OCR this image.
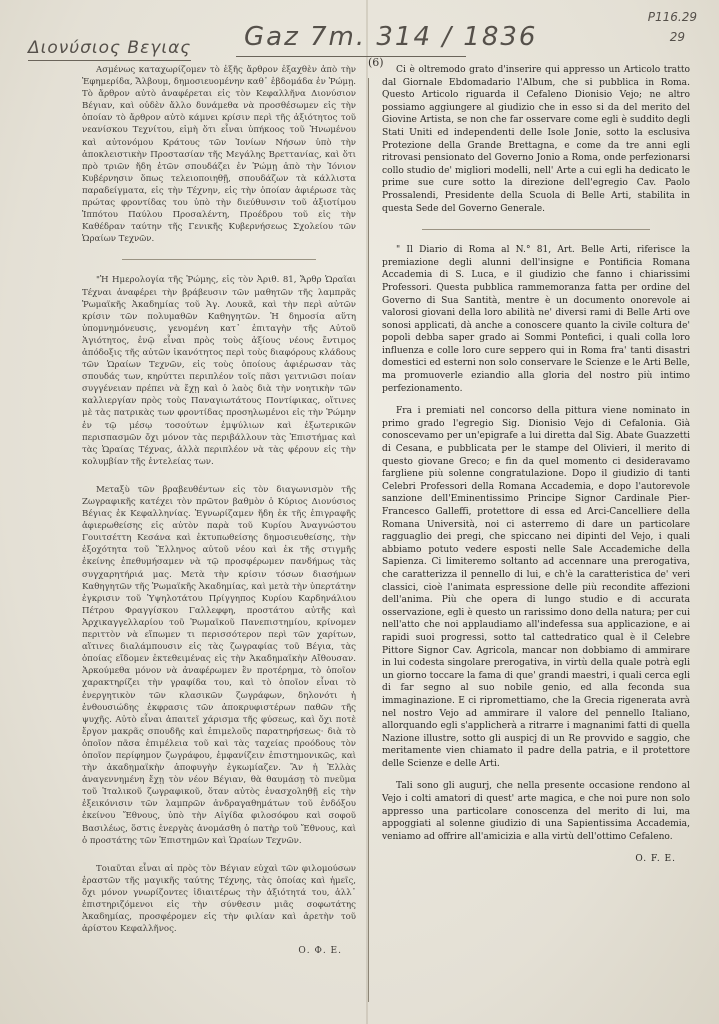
Διονύσιος Βεγιας Gaz 7m. 314 / 1836
P116.29
29
(6)

Ασμένως καταχωρίζομεν τὸ ἑξῆς ἄρθρον ἐξαχθὲν ἀπὸ τὴν Ἐφημερίδα, Ἄλβουμ, δημοσιευομένην καθ᾽ ἑβδομάδα ἐν Ῥώμῃ. Τὸ ἄρθρον αὐτὸ ἀναφέρεται εἰς τὸν Κεφαλλῆνα Διονύσιον Βέγιαν, καὶ οὐδὲν ἄλλο δυνάμεθα νὰ προσθέσωμεν εἰς τὴν ὁποίαν τὸ ἄρθρον αὐτὸ κάμνει κρίσιν περὶ τῆς ἀξιότητος τοῦ νεανίσκου Τεχνίτου, εἰμὴ ὅτι εἶναι ὑπήκοος τοῦ Ἡνωμένου καὶ αὐτονόμου Κράτους τῶν Ἰονίων Νήσων ὑπὸ τὴν ἀποκλειστικὴν Προστασίαν τῆς Μεγάλης Βρεττανίας, καὶ ὅτι πρὸ τριῶν ἤδη ἐτῶν σπουδάζει ἐν Ῥώμῃ ἀπὸ τὴν Ἰόνιον Κυβέρνησιν ὅπως τελειοποιηθῇ, σπουδάζων τὰ κάλλιστα παραδείγματα, εἰς τὴν Τέχνην, εἰς τὴν ὁποίαν ἀφιέρωσε τὰς πρώτας φροντίδας του ὑπὸ τὴν διεύθυνσιν τοῦ ἀξιοτίμου Ἱππότου Παύλου Προσαλέντη, Προέδρου τοῦ εἰς τὴν Καθέδραν ταύτην τῆς Γενικῆς Κυβερνήσεως Σχολείου τῶν Ὡραίων Τεχνῶν.

"Ἡ Ημερολογία τῆς Ῥώμης, εἰς τὸν Ἀριθ. 81, Ἄρθρ Ὡραῖαι Τέχναι ἀναφέρει τὴν βράβευσιν τῶν μαθητῶν τῆς λαμπρᾶς Ῥωμαϊκῆς Ἀκαδημίας τοῦ Ἁγ. Λουκᾶ, καὶ τὴν περὶ αὐτῶν κρίσιν τῶν πολυμαθῶν Καθηγητῶν. Ἡ δημοσία αὕτη ὑπομνημόνευσις, γενομένη κατ᾽ ἐπιταγὴν τῆς Αὐτοῦ Ἁγιότητος, ἐνῷ εἶναι πρὸς τοὺς ἀξίους νέους ἔντιμος ἀπόδοξις τῆς αὐτῶν ἱκανότητος περὶ τοὺς διαφόρους κλάδους τῶν Ὡραίων Τεχνῶν, εἰς τοὺς ὁποίους ἀφιέρωσαν τὰς σπουδάς των, κηρύττει περιπλέον τοῖς πᾶσι γειτνιῶσι ποίαν συγγένειαν πρέπει νὰ ἔχῃ καὶ ὁ λαὸς διὰ τὴν νοητικὴν τῶν καλλιεργίαν πρὸς τοὺς Παναγιωτάτους Ποντίφικας, οἵτινες μὲ τὰς πατρικὰς των φροντίδας προσηλωμένοι εἰς τὴν Ῥώμην ἐν τῷ μέσῳ τοσούτων ἐμψύλιων καὶ ἐξωτερικῶν περισπασμῶν ὄχι μόνον τὰς περιβάλλουν τὰς Ἐπιστήμας καὶ τὰς Ὡραίας Τέχνας, ἀλλὰ περιπλέον νὰ τὰς φέρουν εἰς τὴν κολυμβίαν τῆς ἐντελείας των.

Μεταξὺ τῶν βραβευθέντων εἰς τὸν διαγωνισμὸν τῆς Ζωγραφικῆς κατέχει τὸν πρῶτον βαθμὸν ὁ Κύριος Διονύσιος Βέγιας ἐκ Κεφαλληνίας. Ἐγνωρίζαμεν ἤδη ἐκ τῆς ἐπιγραφῆς ἀφιερωθείσης εἰς αὐτὸν παρὰ τοῦ Κυρίου Ἀναγνώστου Γουιτσέττη Κεσάνα καὶ ἐκτυπωθείσης δημοσιευθείσης, τὴν ἐξοχότητα τοῦ Ἕλληνος αὐτοῦ νέου καὶ ἐκ τῆς στιγμῆς ἐκείνης ἐπεθυμήσαμεν νὰ τῷ προσφέρωμεν πανδήμως τὰς συγχαρητήριά μας. Μετὰ τὴν κρίσιν τόσων διασήμων Καθηγητῶν τῆς Ῥωμαϊκῆς Ἀκαδημίας, καὶ μετὰ τὴν ὑπερτάτην ἐγκρισιν τοῦ Ὑψηλοτάτου Πρίγγηπος Κυρίου Καρδηνάλιου Πέτρου Φραγγίσκου Γαλλεφφη, προστάτου αὐτῆς καὶ Ἀρχικαγγελλαρίου τοῦ Ῥωμαϊκοῦ Πανεπιστημίου, κρίνομεν περιττὸν νὰ εἴπωμεν τι περισσότερον περὶ τῶν χαρίτων, αἵτινες διαλάμπουσιν εἰς τὰς ζωγραφίας τοῦ Βέγια, τὰς ὁποίας εἴδομεν ἐκτεθειμένας εἰς τὴν Ἀκαδημαϊκὴν Αἴθουσαν. Ἀρκούμεθα μόνον νὰ ἀναφέρωμεν ἓν προτέρημα, τὸ ὁποῖον χαρακτηρίζει τὴν γραφίδα του, καὶ τὸ ὁποῖον εἶναι τὸ ἐνεργητικὸν τῶν κλασικῶν ζωγράφων, δηλονότι ἡ ἐνθουσιώδης ἐκφρασις τῶν ἀποκρυφιστέρων παθῶν τῆς ψυχῆς. Αὐτὸ εἶναι ἀπαιτεῖ χάρισμα τῆς φύσεως, καὶ ὄχι ποτὲ ἔργον μακρᾶς σπουδῆς καὶ ἐπιμελοῦς παρατηρήσεως· διὰ τὸ ὁποῖον πᾶσα ἐπιμέλεια τοῦ καὶ τὰς ταχείας προόδους τὸν ὁποῖον περίφημον ζωγράφου, ἐμφανίζειν ἐπιστημονικῶς, καὶ τὴν ἀκαδημαϊκὴν ἀποφυγὴν ἐγκωμίαζεν. Ἂν ἡ Ἑλλὰς ἀναγεννημένη ἔχῃ τὸν νέον Βέγιαν, θὰ θαυμάσῃ τὸ πνεῦμα τοῦ Ἰταλικοῦ ζωγραφικοῦ, ὅταν αὐτὸς ἐνασχοληθῇ εἰς τὴν ἐξεικόνισιν τῶν λαμπρῶν ἀνδραγαθημάτων τοῦ ἐνδόξου ἐκείνου Ἔθνους, ὑπὸ τὴν Αἰγίδα φιλοσόφου καὶ σοφοῦ Βασιλέως, ὅστις ἐνεργὰς ἀνομάσθη ὁ πατὴρ τοῦ Ἔθνους, καὶ ὁ προστάτης τῶν Ἐπιστημῶν καὶ Ὡραίων Τεχνῶν.

Τοιαῦται εἶναι αἱ πρὸς τὸν Βέγιαν εὐχαὶ τῶν φιλομούσων ἐραστῶν τῆς μαγικῆς ταύτης Τέχνης, τὰς ὁποίας καὶ ἡμεῖς, ὄχι μόνον γνωρίζοντες ἰδιαιτέρως τὴν ἀξιότητά του, ἀλλ᾽ ἐπιστηριζόμενοι εἰς τὴν σύνθεσιν μιᾶς σοφωτάτης Ἀκαδημίας, προσφέρομεν εἰς τὴν φιλίαν καὶ ἀρετὴν τοῦ ἀρίστου Κεφαλλῆνος.

Ο. Φ. Ε.

Ci è oltremodo grato d'inserire qui appresso un Articolo tratto dal Giornale Ebdomadario l'Album, che si pubblica in Roma. Questo Articolo riguarda il Cefaleno Dionisio Vejo; ne altro possiamo aggiungere al giudizio che in esso si da del merito del Giovine Artista, se non che far osservare come egli è suddito degli Stati Uniti ed independenti delle Isole Jonie, sotto la esclusiva Protezione della Grande Brettagna, e come da tre anni egli ritrovasi pensionato del Governo Jonio a Roma, onde perfezionarsi collo studio de' migliori modelli, nell' Arte a cui egli ha dedicato le prime sue cure sotto la direzione dell'egregio Cav. Paolo Prossalendi, Presidente della Scuola di Belle Arti, stabilita in questa Sede del Governo Generale.

" Il Diario di Roma al N.° 81, Art. Belle Arti, riferisce la premiazione degli alunni dell'insigne e Pontificia Romana Accademia di S. Luca, e il giudizio che fanno i chiarissimi Professori. Questa pubblica rammemoranza fatta per ordine del Governo di Sua Santità, mentre è un documento onorevole ai valorosi giovani della loro abilità ne' diversi rami di Belle Arti ove sonosi applicati, dà anche a conoscere quanto la civile coltura de' popoli debba saper grado ai Sommi Pontefici, i quali colla loro influenza e colle loro cure seppero qui in Roma fra' tanti disastri domestici ed esterni non solo conservare le Scienze e le Arti Belle, ma promuoverle eziandio alla gloria del nostro più intimo perfezionamento.

Fra i premiati nel concorso della pittura viene nominato in primo grado l'egregio Sig. Dionisio Vejo di Cefalonia. Già conoscevamo per un'epigrafe a lui diretta dal Sig. Abate Guazzetti di Cesana, e pubblicata per le stampe del Olivieri, il merito di questo giovane Greco; e fin da quel momento ci desideravamo fargliene più solenne congratulazione. Dopo il giudizio di tanti Celebri Professori della Romana Accademia, e dopo l'autorevole sanzione dell'Eminentissimo Principe Signor Cardinale Pier-Francesco Galleffi, protettore di essa ed Arci-Cancelliere della Romana Università, noi ci asterremo di dare un particolare ragguaglio dei pregi, che spiccano nei dipinti del Vejo, i quali abbiamo potuto vedere esposti nelle Sale Accademiche della Sapienza. Ci limiteremo soltanto ad accennare una prerogativa, che caratterizza il pennello di lui, e ch'è la caratteristica de' veri classici, cioè l'animata espressione delle più recondite affezioni dell'anima. Più che opera di lungo studio e di accurata osservazione, egli è questo un rarissimo dono della natura; per cui nell'atto che noi applaudiamo all'indefessa sua applicazione, e ai rapidi suoi progressi, sotto tal cattedratico qual è il Celebre Pittore Signor Cav. Agricola, mancar non dobbiamo di ammirare in lui codesta singolare prerogativa, in virtù della quale potrà egli un giorno toccare la fama di que' grandi maestri, i quali cerca egli di far segno al suo nobile genio, ed alla feconda sua immaginazione. E ci ripromettiamo, che la Grecia rigenerata avrà nel nostro Vejo ad ammirare il valore del pennello Italiano, allorquando egli s'applicherà a ritrarre i magnanimi fatti di quella Nazione illustre, sotto gli auspicj di un Re provvido e saggio, che meritamente vien chiamato il padre della patria, e il protettore delle Scienze e delle Arti.

Tali sono gli augurj, che nella presente occasione rendono al Vejo i colti amatori di quest' arte magica, e che noi pure non solo appresso una particolare conoscenza del merito di lui, ma appoggiati al solenne giudizio di una Sapientissima Accademia, veniamo ad offrire all'amicizia e alla virtù dell'ottimo Cefaleno.

O. F. E.
